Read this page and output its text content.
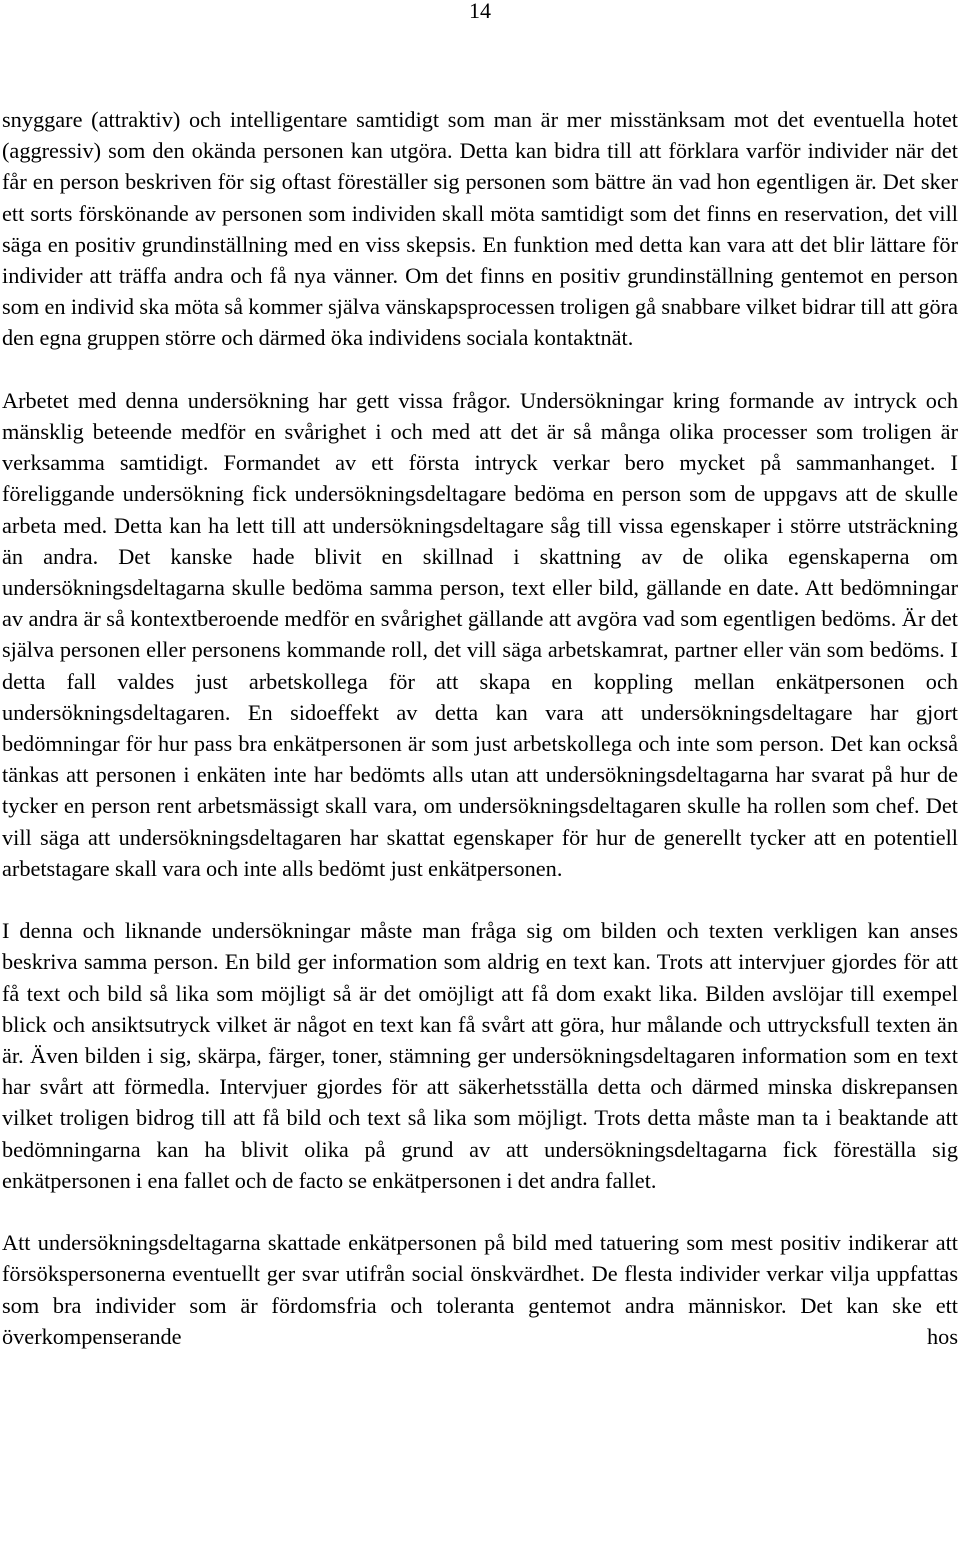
14

snyggare (attraktiv) och intelligentare samtidigt som man är mer misstänksam mot det eventuella hotet (aggressiv) som den okända personen kan utgöra. Detta kan bidra till att förklara varför individer när det får en person beskriven för sig oftast föreställer sig personen som bättre än vad hon egentligen är. Det sker ett sorts förskönande av personen som individen skall möta samtidigt som det finns en reservation, det vill säga en positiv grundinställning med en viss skepsis. En funktion med detta kan vara att det blir lättare för individer att träffa andra och få nya vänner. Om det finns en positiv grundinställning gentemot en person som en individ ska möta så kommer själva vänskapsprocessen troligen gå snabbare vilket bidrar till att göra den egna gruppen större och därmed öka individens sociala kontaktnät.

Arbetet med denna undersökning har gett vissa frågor. Undersökningar kring formande av intryck och mänsklig beteende medför en svårighet i och med att det är så många olika processer som troligen är verksamma samtidigt. Formandet av ett första intryck verkar bero mycket på sammanhanget. I föreliggande undersökning fick undersökningsdeltagare bedöma en person som de uppgavs att de skulle arbeta med. Detta kan ha lett till att undersökningsdeltagare såg till vissa egenskaper i större utsträckning än andra. Det kanske hade blivit en skillnad i skattning av de olika egenskaperna om undersökningsdeltagarna skulle bedöma samma person, text eller bild, gällande en date. Att bedömningar av andra är så kontextberoende medför en svårighet gällande att avgöra vad som egentligen bedöms. Är det själva personen eller personens kommande roll, det vill säga arbetskamrat, partner eller vän som bedöms. I detta fall valdes just arbetskollega för att skapa en koppling mellan enkätpersonen och undersökningsdeltagaren. En sidoeffekt av detta kan vara att undersökningsdeltagare har gjort bedömningar för hur pass bra enkätpersonen är som just arbetskollega och inte som person. Det kan också tänkas att personen i enkäten inte har bedömts alls utan att undersökningsdeltagarna har svarat på hur de tycker en person rent arbetsmässigt skall vara, om undersökningsdeltagaren skulle ha rollen som chef. Det vill säga att undersökningsdeltagaren har skattat egenskaper för hur de generellt tycker att en potentiell arbetstagare skall vara och inte alls bedömt just enkätpersonen.

I denna och liknande undersökningar måste man fråga sig om bilden och texten verkligen kan anses beskriva samma person. En bild ger information som aldrig en text kan. Trots att intervjuer gjordes för att få text och bild så lika som möjligt så är det omöjligt att få dom exakt lika. Bilden avslöjar till exempel blick och ansiktsutryck vilket är något en text kan få svårt att göra, hur målande och uttrycksfull texten än är. Även bilden i sig, skärpa, färger, toner, stämning ger undersökningsdeltagaren information som en text har svårt att förmedla. Intervjuer gjordes för att säkerhetsställa detta och därmed minska diskrepansen vilket troligen bidrog till att få bild och text så lika som möjligt. Trots detta måste man ta i beaktande att bedömningarna kan ha blivit olika på grund av att undersökningsdeltagarna fick föreställa sig enkätpersonen i ena fallet och de facto se enkätpersonen i det andra fallet.

Att undersökningsdeltagarna skattade enkätpersonen på bild med tatuering som mest positiv indikerar att försökspersonerna eventuellt ger svar utifrån social önskvärdhet. De flesta individer verkar vilja uppfattas som bra individer som är fördomsfria och toleranta gentemot andra människor. Det kan ske ett överkompenserande hos
